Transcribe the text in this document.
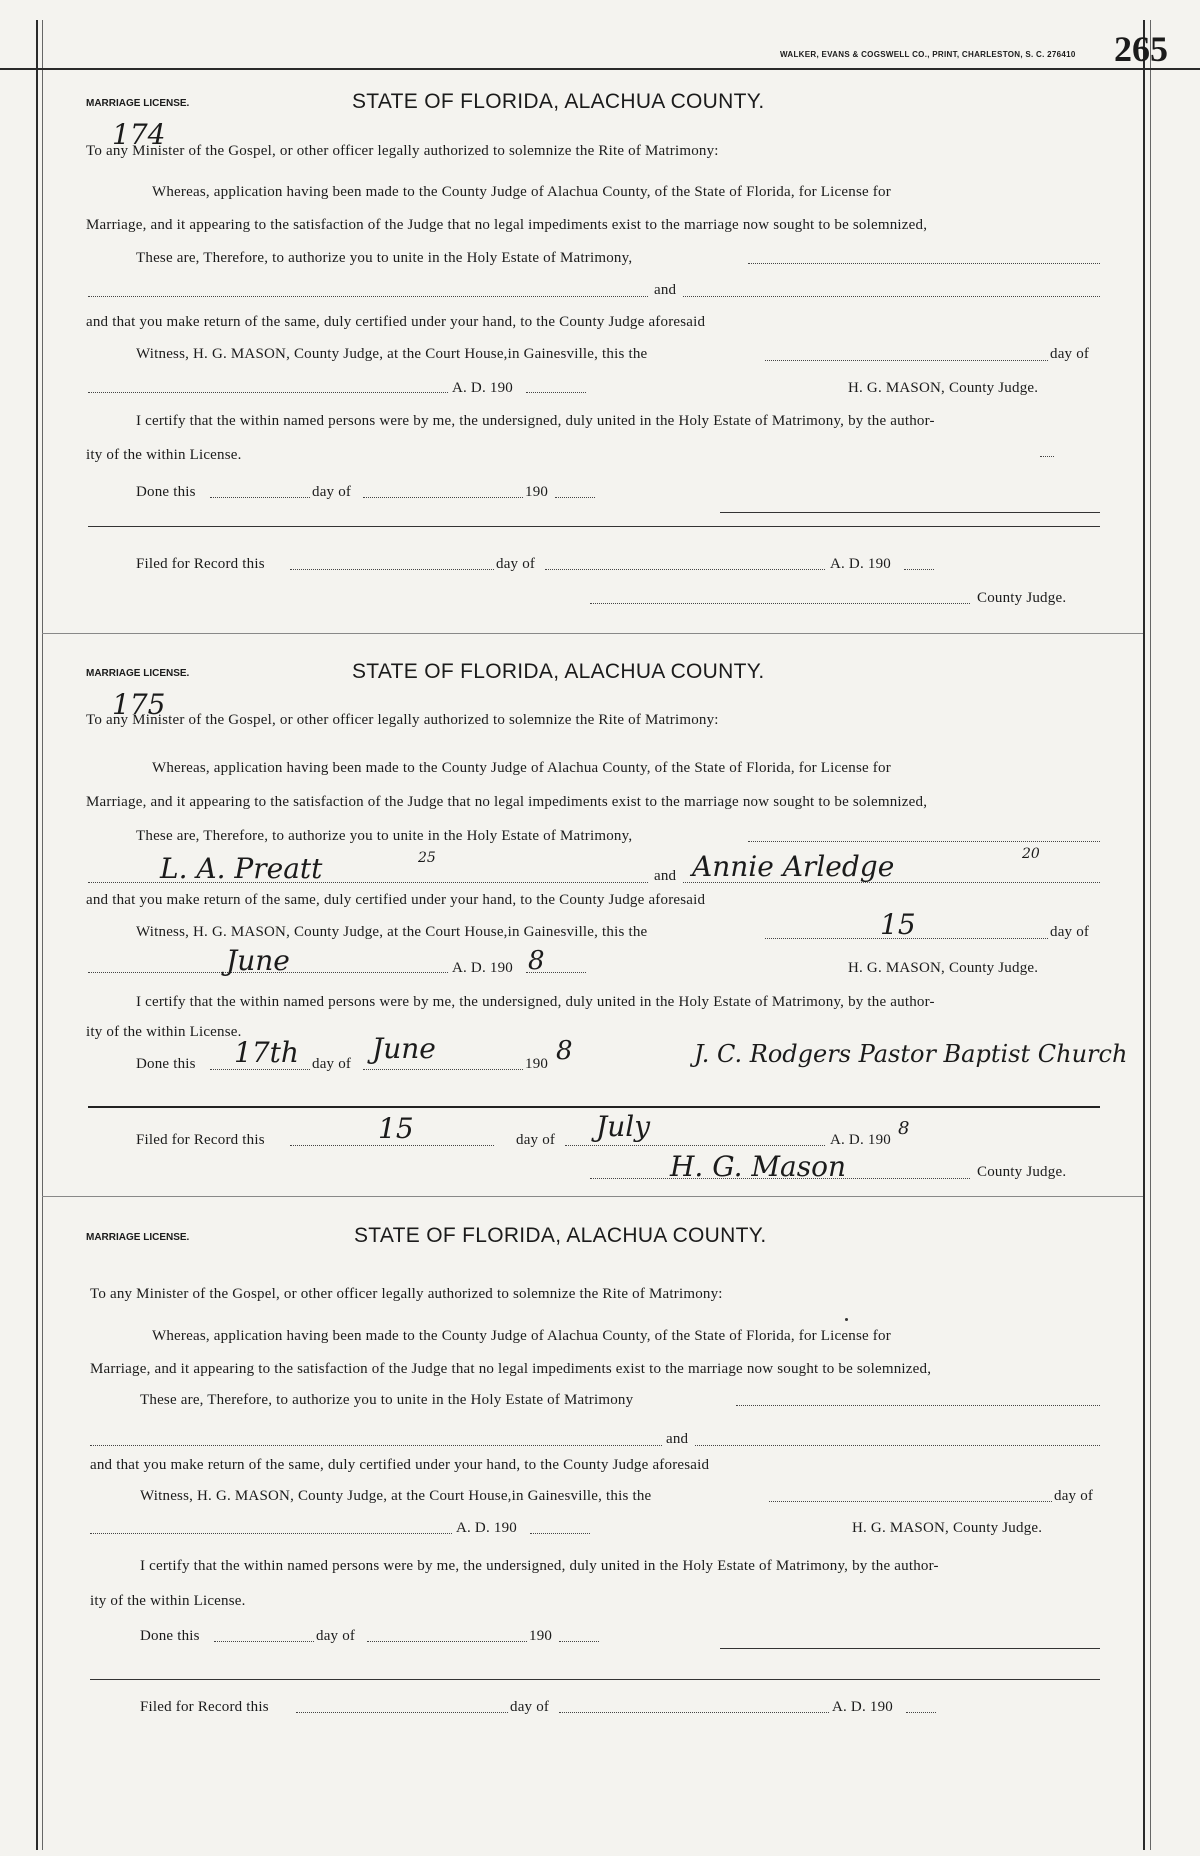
WALKER, EVANS & COGSWELL CO., PRINT, CHARLESTON, S. C. 276410 265
MARRIAGE LICENSE.	STATE OF FLORIDA, ALACHUA COUNTY.
174
To any Minister of the Gospel, or other officer legally authorized to solemnize the Rite of Matrimony:
Whereas, application having been made to the County Judge of Alachua County, of the State of Florida, for License for
Marriage, and it appearing to the satisfaction of the Judge that no legal impediments exist to the marriage now sought to be solemnized,
These are, Therefore, to authorize you to unite in the Holy Estate of Matrimony,
and
and that you make return of the same, duly certified under your hand, to the County Judge aforesaid
Witness, H. G. MASON, County Judge, at the Court House,in Gainesville, this the	day of
A. D. 190	H. G. MASON, County Judge.
I certify that the within named persons were by me, the undersigned, duly united in the Holy Estate of Matrimony, by the author-
ity of the within License.
Done this	day of	190
Filed for Record this	day of	A. D. 190
County Judge.
MARRIAGE LICENSE.	STATE OF FLORIDA, ALACHUA COUNTY.
175
To any Minister of the Gospel, or other officer legally authorized to solemnize the Rite of Matrimony:
Whereas, application having been made to the County Judge of Alachua County, of the State of Florida, for License for
Marriage, and it appearing to the satisfaction of the Judge that no legal impediments exist to the marriage now sought to be solemnized,
These are, Therefore, to authorize you to unite in the Holy Estate of Matrimony,
L. A. Preatt	25
and Annie Arledge	20
and that you make return of the same, duly certified under your hand, to the County Judge aforesaid
Witness, H. G. MASON, County Judge, at the Court House,in Gainesville, this the	15	day of
June	A. D. 190 8	H. G. MASON, County Judge.
I certify that the within named persons were by me, the undersigned, duly united in the Holy Estate of Matrimony, by the author-
ity of the within License.
Done this 17th day of June	190 8	J. C. Rodgers Pastor Baptist Church
Filed for Record this	15	day of July	A. D. 190
8
H. G. Mason	County Judge.
MARRIAGE LICENSE.	STATE OF FLORIDA, ALACHUA COUNTY.
To any Minister of the Gospel, or other officer legally authorized to solemnize the Rite of Matrimony:
Whereas, application having been made to the County Judge of Alachua County, of the State of Florida, for License for
Marriage, and it appearing to the satisfaction of the Judge that no legal impediments exist to the marriage now sought to be solemnized,
These are, Therefore, to authorize you to unite in the Holy Estate of Matrimony
and
and that you make return of the same, duly certified under your hand, to the County Judge aforesaid
Witness, H. G. MASON, County Judge, at the Court House,in Gainesville, this the	day of
A. D. 190	H. G. MASON, County Judge.
I certify that the within named persons were by me, the undersigned, duly united in the Holy Estate of Matrimony, by the author-
ity of the within License.
Done this	day of	190
Filed for Record this	day of	A. D. 190
